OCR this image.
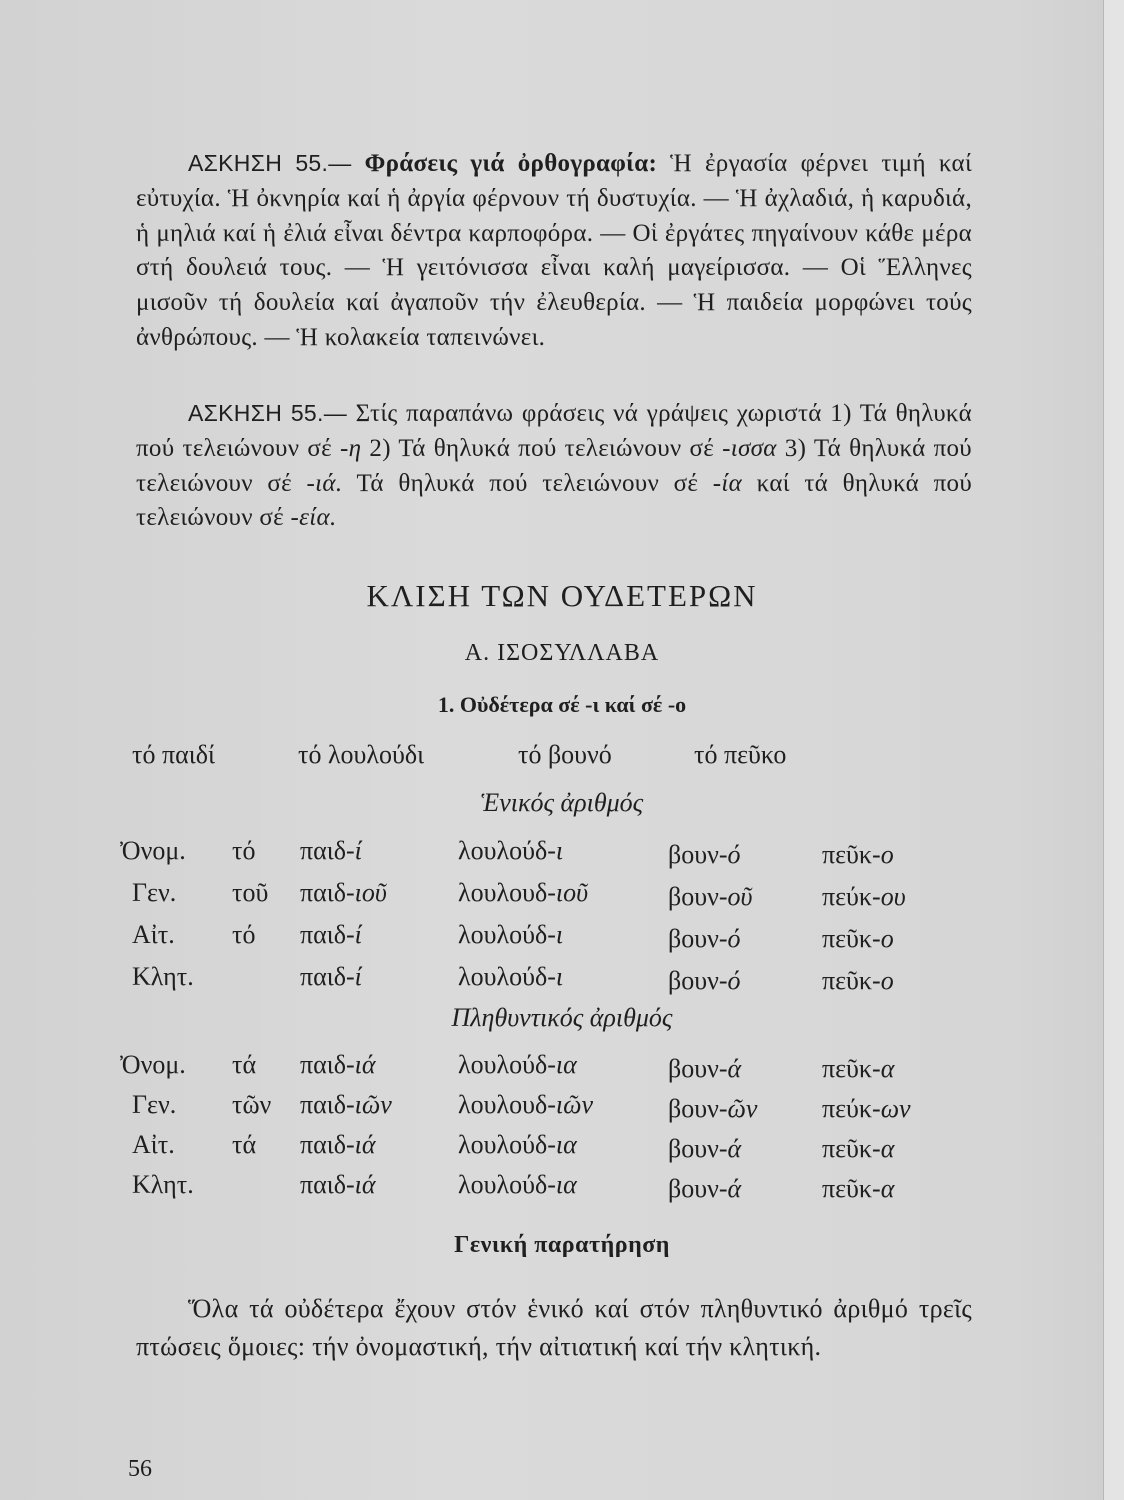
ΑΣΚΗΣΗ 55.— Φράσεις γιά ὀρθογραφία: Ἡ ἐργασία φέρνει τιμή καί εὐτυχία. Ἡ ὀκνηρία καί ἡ ἀργία φέρνουν τή δυστυχία. — Ἡ ἀχλαδιά, ἡ καρυδιά, ἡ μηλιά καί ἡ ἐλιά εἶναι δέντρα καρποφόρα. — Οἱ ἐργάτες πηγαίνουν κάθε μέρα στή δουλειά τους. — Ἡ γειτόνισσα εἶναι καλή μαγείρισσα. — Οἱ Ἕλληνες μισοῦν τή δουλεία καί ἀγαποῦν τήν ἐλευθερία. — Ἡ παιδεία μορφώνει τούς ἀνθρώπους. — Ἡ κολακεία ταπεινώνει.
ΑΣΚΗΣΗ 55.— Στίς παραπάνω φράσεις νά γράψεις χωριστά 1) Τά θηλυκά πού τελειώνουν σέ -η 2) Τά θηλυκά πού τελειώνουν σέ -ισσα 3) Τά θηλυκά πού τελειώνουν σέ -ιά. Τά θηλυκά πού τελειώνουν σέ -ία καί τά θηλυκά πού τελειώνουν σέ -εία.
ΚΛΙΣΗ ΤΩΝ ΟΥΔΕΤΕΡΩΝ
Α. ΙΣΟΣΥΛΛΑΒΑ
1. Οὐδέτερα σέ -ι καί σέ -ο
τό παιδί	τό λουλούδι	τό βουνό	τό πεῦκο
Ἑνικός ἀριθμός
Ὀνομ. τό παιδ-ί	λουλούδ-ι	βουν-ό	πεῦκ-ο
Γεν. τοῦ παιδ-ιοῦ	λουλουδ-ιοῦ	βουν-οῦ	πεύκ-ου
Αἰτ. τό παιδ-ί	λουλούδ-ι	βουν-ό	πεῦκ-ο
Κλητ.	παιδ-ί	λουλούδ-ι	βουν-ό	πεῦκ-ο
Πληθυντικός ἀριθμός
Ὀνομ. τά παιδ-ιά	λουλούδ-ια	βουν-ά	πεῦκ-α
Γεν. τῶν παιδ-ιῶν	λουλουδ-ιῶν	βουν-ῶν πεύκ-ων
Αἰτ. τά παιδ-ιά	λουλούδ-ια	βουν-ά	πεῦκ-α
Κλητ.	παιδ-ιά	λουλούδ-ια	βουν-ά	πεῦκ-α
Γενική παρατήρηση
Ὅλα τά οὐδέτερα ἔχουν στόν ἑνικό καί στόν πληθυντικό ἀριθμό τρεῖς πτώσεις ὅμοιες: τήν ὀνομαστική, τήν αἰτιατική καί τήν κλητική.
56
